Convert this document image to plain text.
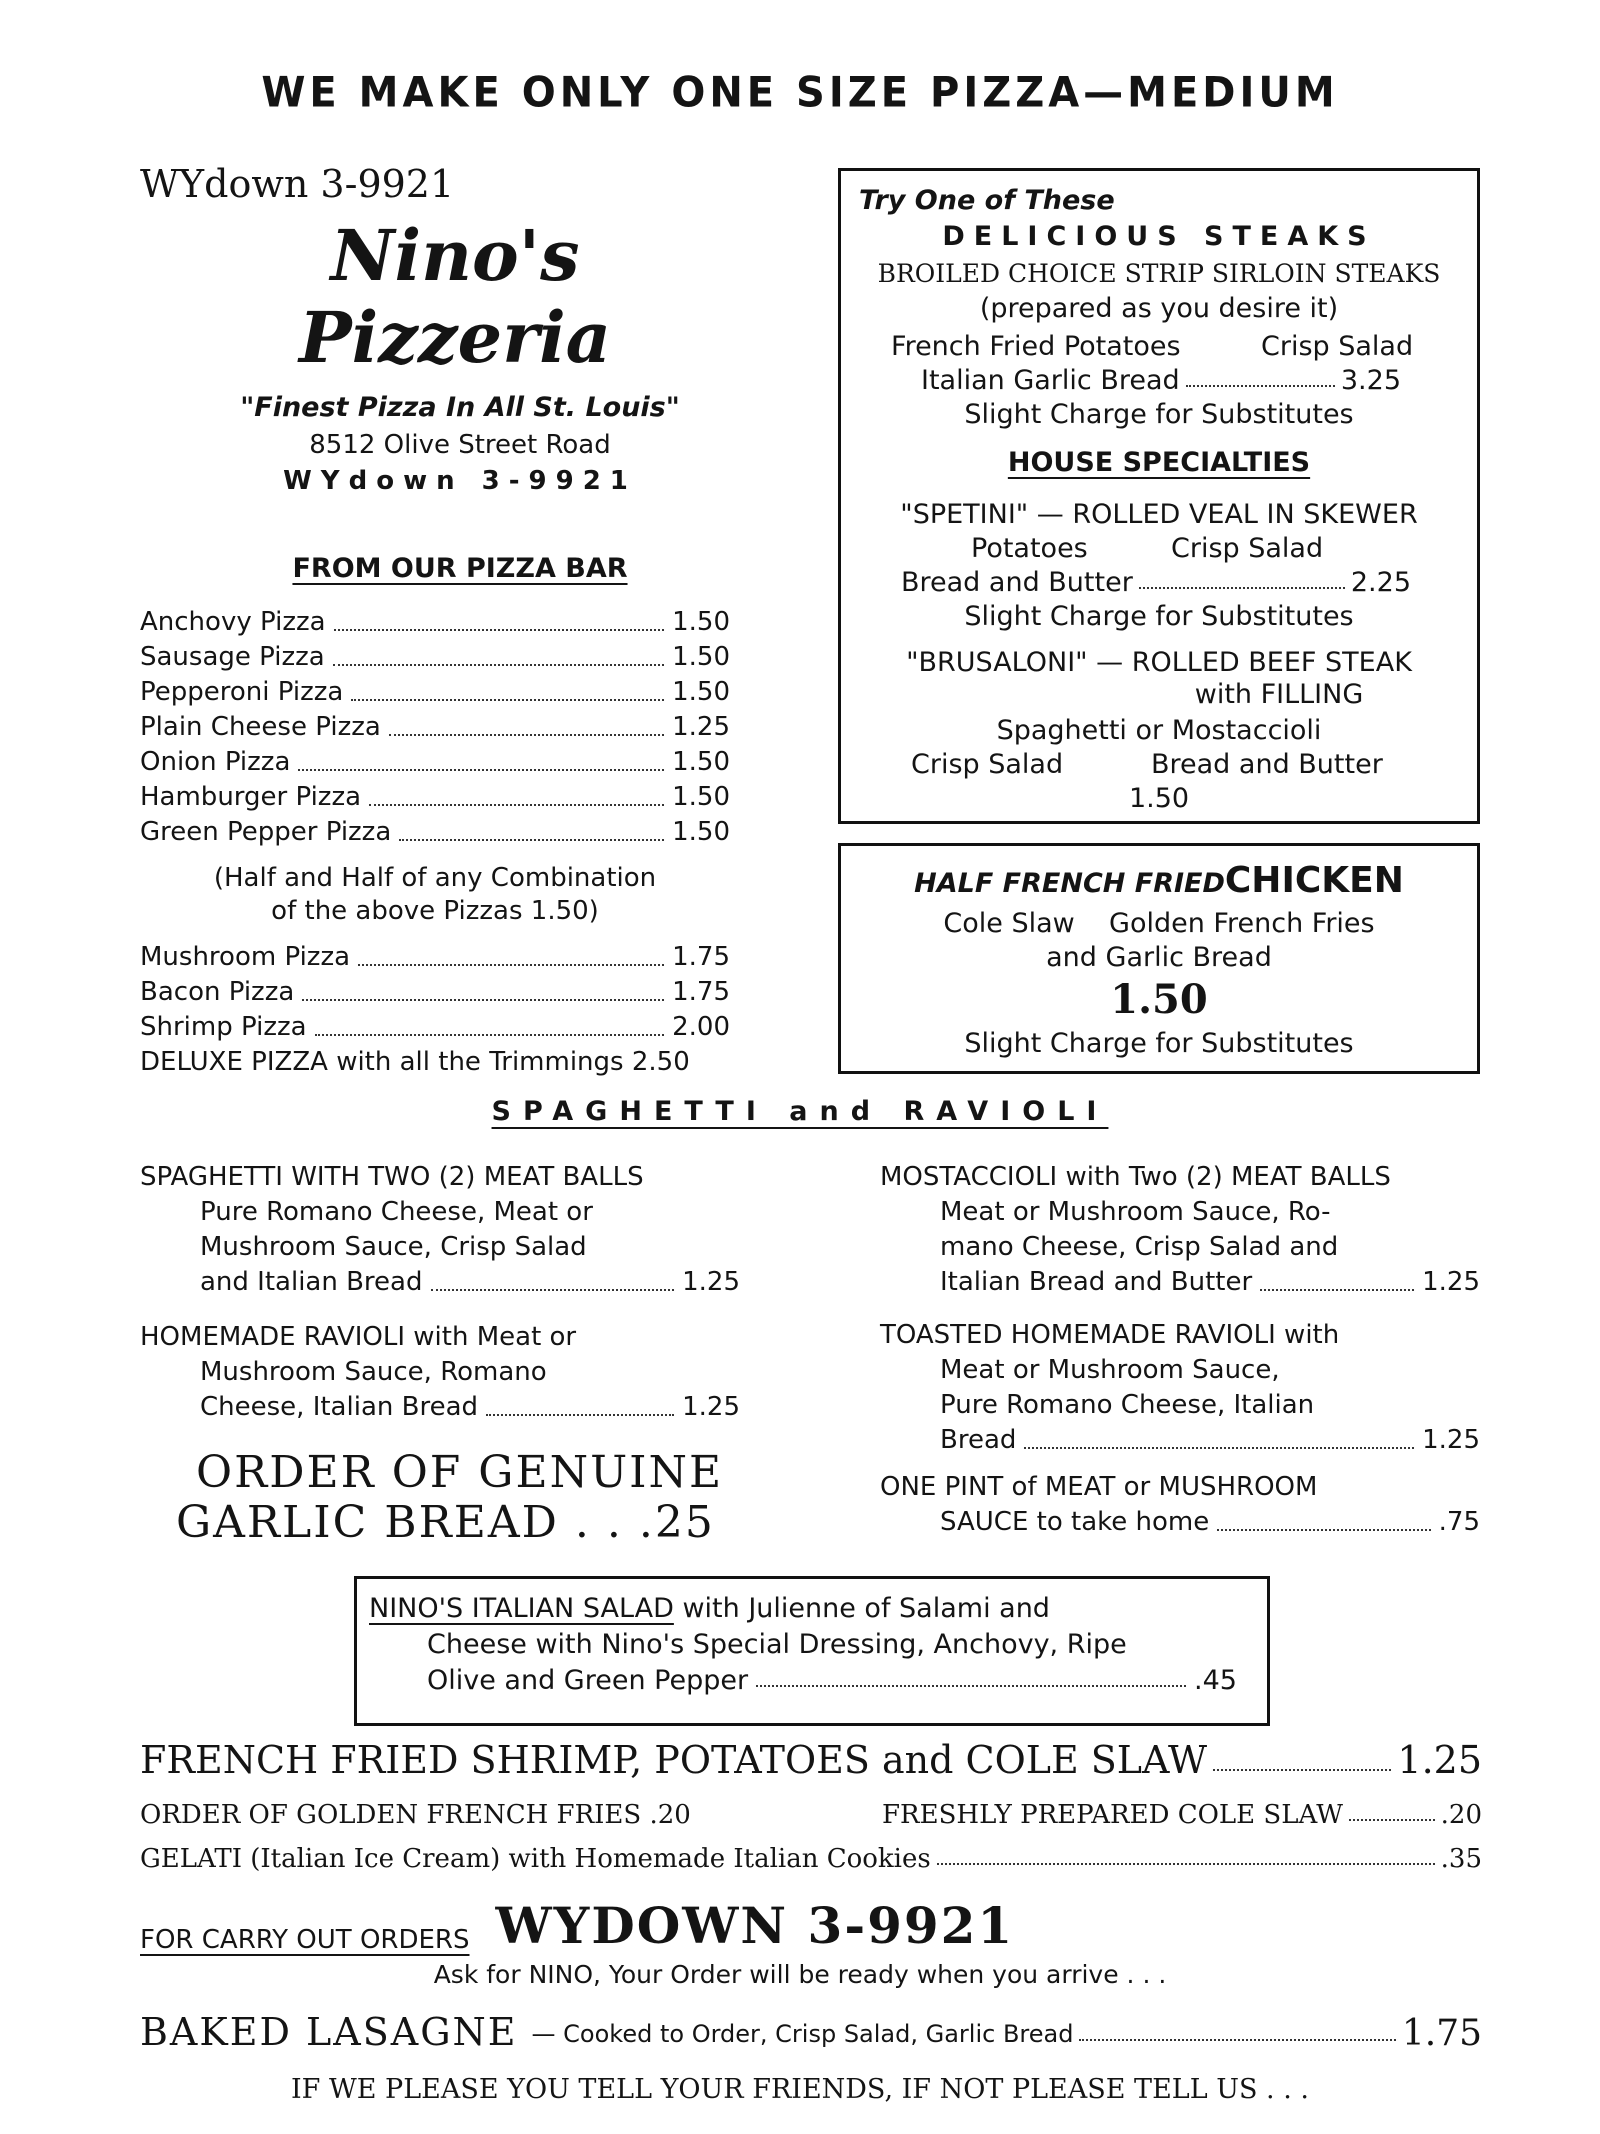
WE MAKE ONLY ONE SIZE PIZZA—MEDIUM
WYdown 3-9921
Nino's
Pizzeria
"Finest Pizza In All St. Louis"
8512 Olive Street Road
WYdown 3-9921
FROM OUR PIZZA BAR
Anchovy Pizza	1.50
Sausage Pizza	1.50
Pepperoni Pizza	1.50
Plain Cheese Pizza	1.25
Onion Pizza	1.50
Hamburger Pizza	1.50
Green Pepper Pizza	1.50
(Half and Half of any Combination
of the above Pizzas 1.50)
Mushroom Pizza	1.75
Bacon Pizza	1.75
Shrimp Pizza	2.00
DELUXE PIZZA with all the Trimmings 2.50
Try One of These
DELICIOUS STEAKS
BROILED CHOICE STRIP SIRLOIN STEAKS
(prepared as you desire it)
French Fried Potatoes	Crisp Salad
Italian Garlic Bread	3.25
Slight Charge for Substitutes
HOUSE SPECIALTIES
"SPETINI" — ROLLED VEAL IN SKEWER
Potatoes	Crisp Salad
Bread and Butter	2.25
Slight Charge for Substitutes
"BRUSALONI" — ROLLED BEEF STEAK
with FILLING
Spaghetti or Mostaccioli
Crisp Salad	Bread and Butter
1.50
HALF FRENCH FRIEDCHICKEN
Cole Slaw    Golden French Fries
and Garlic Bread
1.50
Slight Charge for Substitutes
SPAGHETTI and RAVIOLI
SPAGHETTI WITH TWO (2) MEAT BALLS
Pure Romano Cheese, Meat or
Mushroom Sauce, Crisp Salad
and Italian Bread	1.25
HOMEMADE RAVIOLI with Meat or
Mushroom Sauce, Romano
Cheese, Italian Bread	1.25
MOSTACCIOLI with Two (2) MEAT BALLS
Meat or Mushroom Sauce, Ro-
mano Cheese, Crisp Salad and
Italian Bread and Butter	1.25
TOASTED HOMEMADE RAVIOLI with
Meat or Mushroom Sauce,
Pure Romano Cheese, Italian
Bread	1.25
ORDER OF GENUINE
GARLIC BREAD . . .25
ONE PINT of MEAT or MUSHROOM
SAUCE to take home	.75
NINO'S ITALIAN SALAD with Julienne of Salami and
Cheese with Nino's Special Dressing, Anchovy, Ripe
Olive and Green Pepper	.45
FRENCH FRIED SHRIMP, POTATOES and COLE SLAW	1.25
ORDER OF GOLDEN FRENCH FRIES .20	FRESHLY PREPARED COLE SLAW	.20
GELATI (Italian Ice Cream) with Homemade Italian Cookies	.35
FOR CARRY OUT ORDERS WYDOWN 3-9921
Ask for NINO, Your Order will be ready when you arrive . . .
BAKED LASAGNE — Cooked to Order, Crisp Salad, Garlic Bread	1.75
IF WE PLEASE YOU TELL YOUR FRIENDS, IF NOT PLEASE TELL US . . .
